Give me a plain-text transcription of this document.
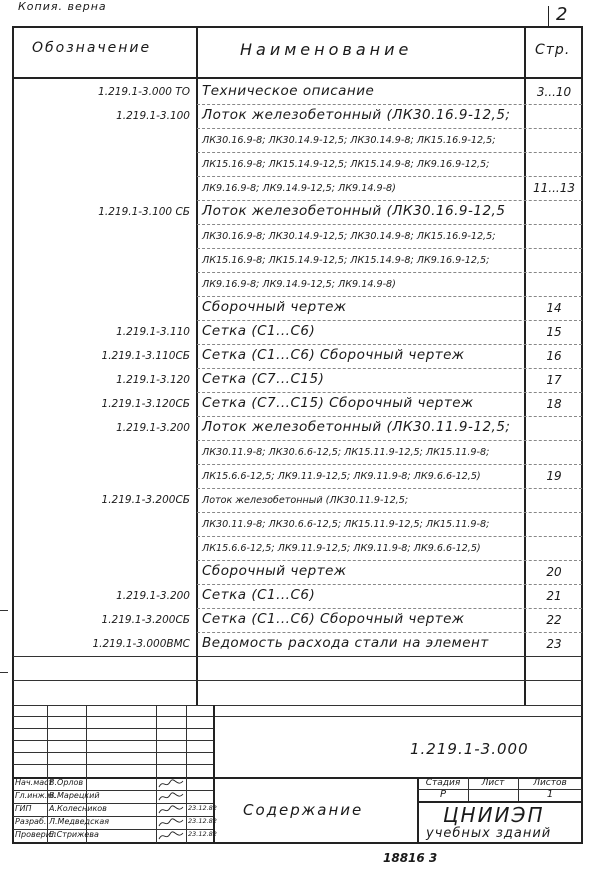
Копия. верна	2
Обозначение	Наименование	Стр.
1.219.1-3.000 ТО Техническое описание	3...10
1.219.1-3.100 Лоток железобетонный (ЛК30.16.9-12,5;
ЛК30.16.9-8; ЛК30.14.9-12,5; ЛК30.14.9-8; ЛК15.16.9-12,5;
ЛК15.16.9-8; ЛК15.14.9-12,5; ЛК15.14.9-8; ЛК9.16.9-12,5;
ЛК9.16.9-8; ЛК9.14.9-12,5; ЛК9.14.9-8)	11...13
1.219.1-3.100 СБ Лоток железобетонный (ЛК30.16.9-12,5
ЛК30.16.9-8; ЛК30.14.9-12,5; ЛК30.14.9-8; ЛК15.16.9-12,5;
ЛК15.16.9-8; ЛК15.14.9-12,5; ЛК15.14.9-8; ЛК9.16.9-12,5;
ЛК9.16.9-8; ЛК9.14.9-12,5; ЛК9.14.9-8)
Сборочный чертеж	14
1.219.1-3.110 Сетка (С1...С6)	15
1.219.1-3.110СБ Сетка (С1...С6) Сборочный чертеж	16
1.219.1-3.120 Сетка (С7...С15)	17
1.219.1-3.120СБ Сетка (С7...С15) Сборочный чертеж	18
1.219.1-3.200 Лоток железобетонный (ЛК30.11.9-12,5;
ЛК30.11.9-8; ЛК30.6.6-12,5; ЛК15.11.9-12,5; ЛК15.11.9-8;
ЛК15.6.6-12,5; ЛК9.11.9-12,5; ЛК9.11.9-8; ЛК9.6.6-12,5)	19
1.219.1-3.200СБ Лоток железобетонный (ЛК30.11.9-12,5;
ЛК30.11.9-8; ЛК30.6.6-12,5; ЛК15.11.9-12,5; ЛК15.11.9-8;
ЛК15.6.6-12,5; ЛК9.11.9-12,5; ЛК9.11.9-8; ЛК9.6.6-12,5)
Сборочный чертеж	20
1.219.1-3.200 Сетка (С1...С6)	21
1.219.1-3.200СБ Сетка (С1...С6) Сборочный чертеж	22
1.219.1-3.000ВМС Ведомость расхода стали на элемент	23
1.219.1-3.000
Содержание
Стадия	Лист	Листов
Р	1
ЦНИИЭП
учебных зданий
Нач.маст
В.Орлов
Гл.инж.м.
В.Марецкий
ГИП А.Колесников	23.12.82
Разраб. Л.Медведская	23.12.82
Проверил
Е.Стрижева	23.12.82
18816 3
